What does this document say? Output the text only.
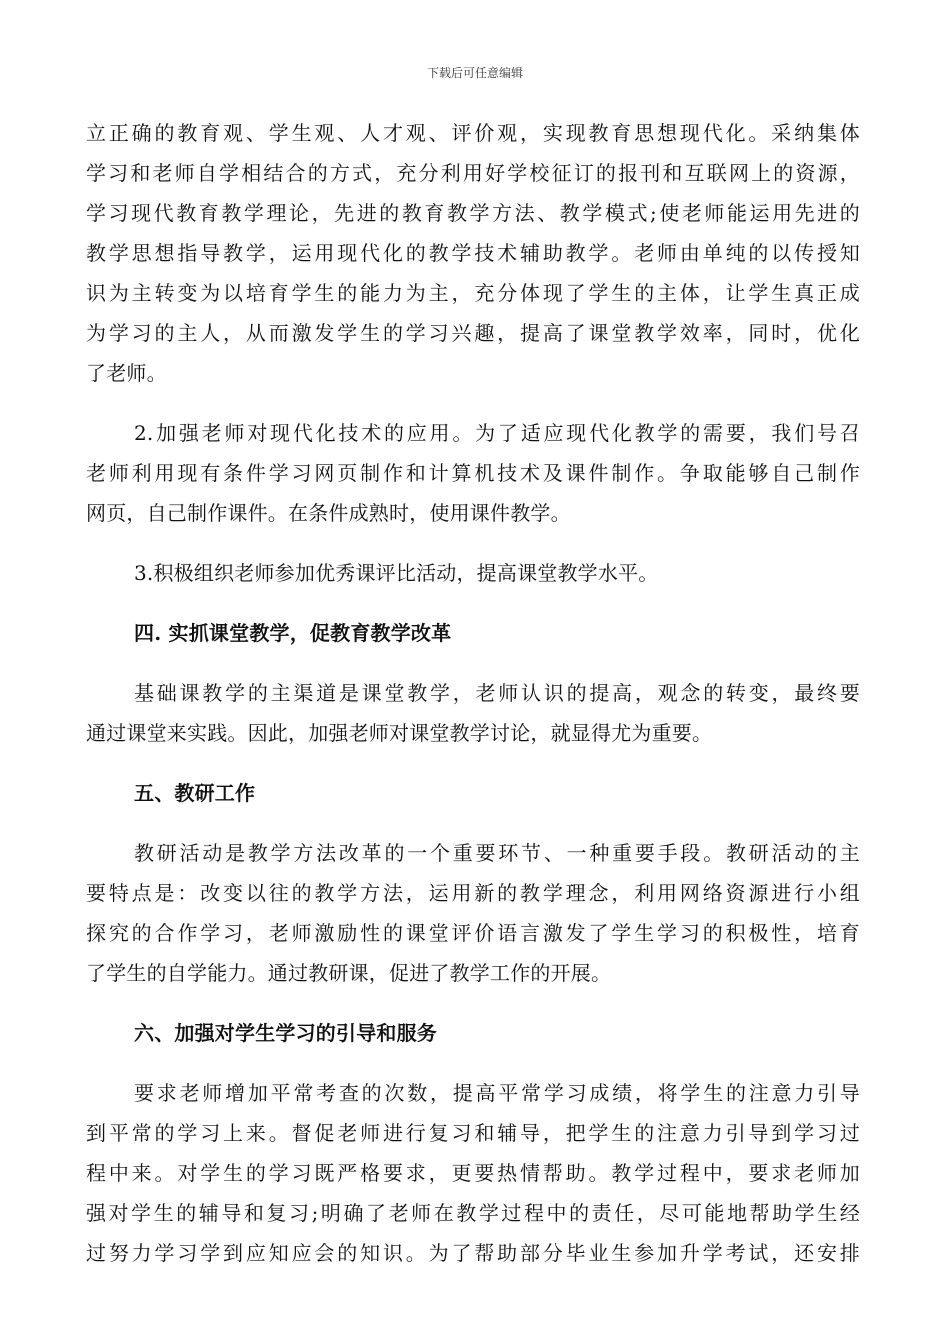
下载后可任意编辑
立正确的教育观、学生观、人才观、评价观，实现教育思想现代化。采纳集体
学习和老师自学相结合的方式，充分利用好学校征订的报刊和互联网上的资源，
学习现代教育教学理论，先进的教育教学方法、教学模式;使老师能运用先进的
教学思想指导教学，运用现代化的教学技术辅助教学。老师由单纯的以传授知
识为主转变为以培育学生的能力为主，充分体现了学生的主体，让学生真正成
为学习的主人，从而激发学生的学习兴趣，提高了课堂教学效率，同时，优化
了老师。
2.加强老师对现代化技术的应用。为了适应现代化教学的需要，我们号召
老师利用现有条件学习网页制作和计算机技术及课件制作。争取能够自己制作
网页，自己制作课件。在条件成熟时，使用课件教学。
3.积极组织老师参加优秀课评比活动，提高课堂教学水平。
四. 实抓课堂教学，促教育教学改革
基础课教学的主渠道是课堂教学，老师认识的提高，观念的转变，最终要
通过课堂来实践。因此，加强老师对课堂教学讨论，就显得尤为重要。
五、教研工作
教研活动是教学方法改革的一个重要环节、一种重要手段。教研活动的主
要特点是：改变以往的教学方法，运用新的教学理念，利用网络资源进行小组
探究的合作学习，老师激励性的课堂评价语言激发了学生学习的积极性，培育
了学生的自学能力。通过教研课，促进了教学工作的开展。
六、加强对学生学习的引导和服务
要求老师增加平常考查的次数，提高平常学习成绩，将学生的注意力引导
到平常的学习上来。督促老师进行复习和辅导，把学生的注意力引导到学习过
程中来。对学生的学习既严格要求，更要热情帮助。教学过程中，要求老师加
强对学生的辅导和复习;明确了老师在教学过程中的责任，尽可能地帮助学生经
过努力学习学到应知应会的知识。为了帮助部分毕业生参加升学考试，还安排
